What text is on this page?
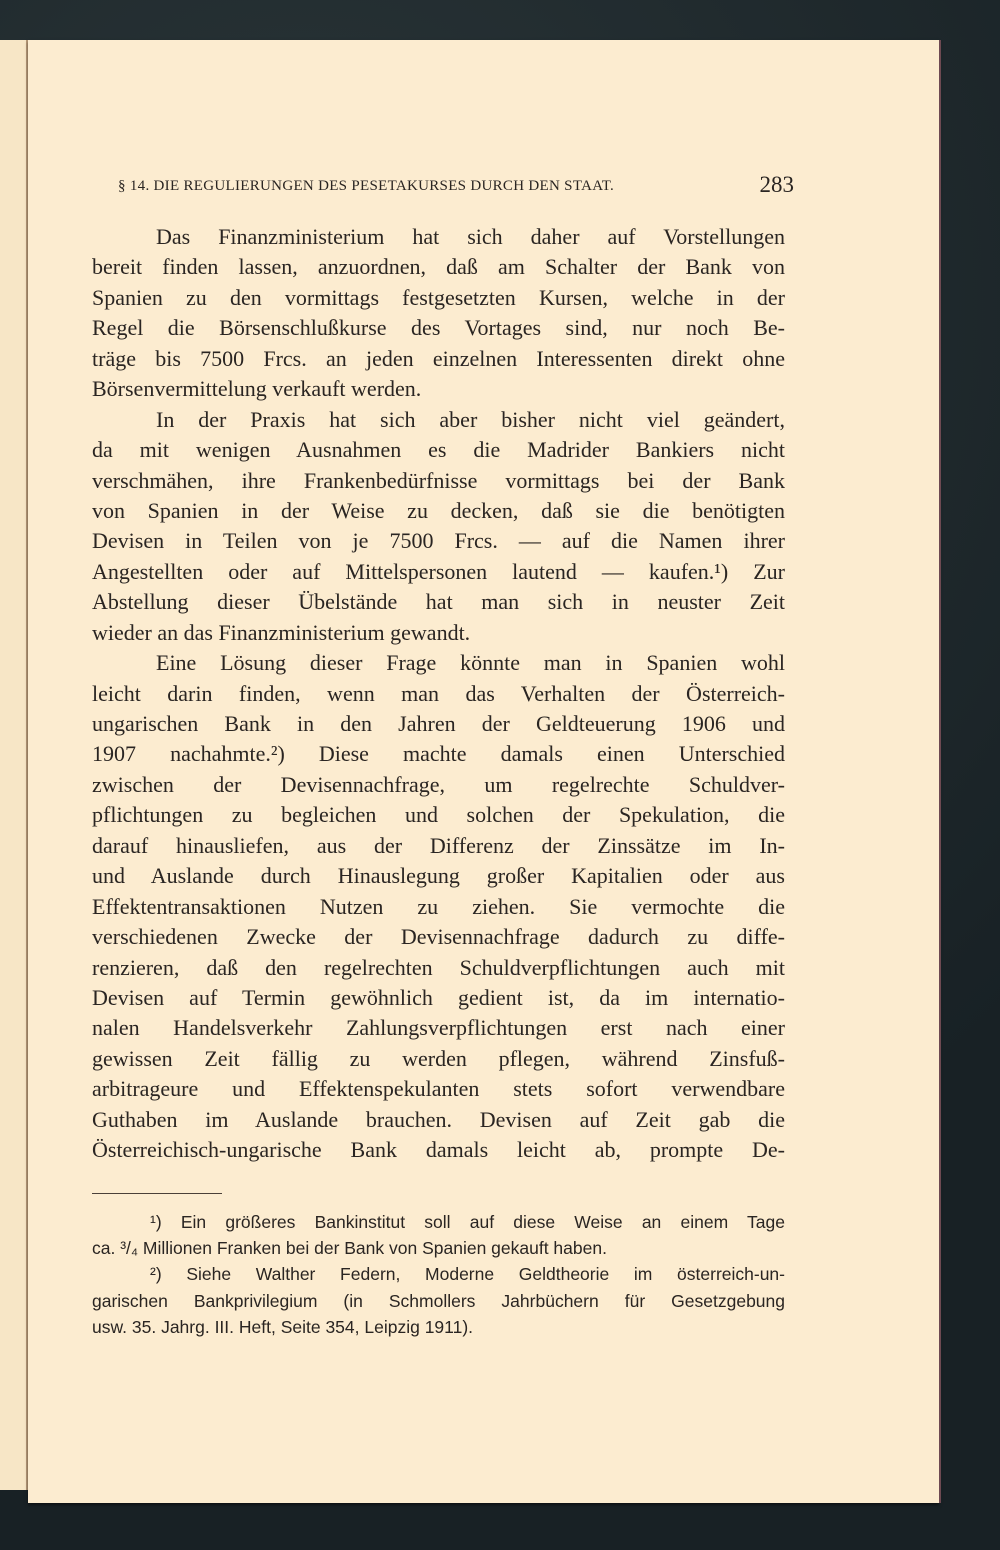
§ 14. DIE REGULIERUNGEN DES PESETAKURSES DURCH DEN STAAT.	283
Das Finanzministerium hat sich daher auf Vorstellungen
bereit finden lassen, anzuordnen, daß am Schalter der Bank von
Spanien zu den vormittags festgesetzten Kursen, welche in der
Regel die Börsenschlußkurse des Vortages sind, nur noch Be-
träge bis 7500 Frcs. an jeden einzelnen Interessenten direkt ohne
Börsenvermittelung verkauft werden.
In der Praxis hat sich aber bisher nicht viel geändert,
da mit wenigen Ausnahmen es die Madrider Bankiers nicht
verschmähen, ihre Frankenbedürfnisse vormittags bei der Bank
von Spanien in der Weise zu decken, daß sie die benötigten
Devisen in Teilen von je 7500 Frcs. — auf die Namen ihrer
Angestellten oder auf Mittelspersonen lautend — kaufen.¹) Zur
Abstellung dieser Übelstände hat man sich in neuster Zeit
wieder an das Finanzministerium gewandt.
Eine Lösung dieser Frage könnte man in Spanien wohl
leicht darin finden, wenn man das Verhalten der Österreich-
ungarischen Bank in den Jahren der Geldteuerung 1906 und
1907 nachahmte.²) Diese machte damals einen Unterschied
zwischen der Devisennachfrage, um regelrechte Schuldver-
pflichtungen zu begleichen und solchen der Spekulation, die
darauf hinausliefen, aus der Differenz der Zinssätze im In-
und Auslande durch Hinauslegung großer Kapitalien oder aus
Effektentransaktionen Nutzen zu ziehen. Sie vermochte die
verschiedenen Zwecke der Devisennachfrage dadurch zu diffe-
renzieren, daß den regelrechten Schuldverpflichtungen auch mit
Devisen auf Termin gewöhnlich gedient ist, da im internatio-
nalen Handelsverkehr Zahlungsverpflichtungen erst nach einer
gewissen Zeit fällig zu werden pflegen, während Zinsfuß-
arbitrageure und Effektenspekulanten stets sofort verwendbare
Guthaben im Auslande brauchen. Devisen auf Zeit gab die
Österreichisch-ungarische Bank damals leicht ab, prompte De-
¹) Ein größeres Bankinstitut soll auf diese Weise an einem Tage
ca. ³/₄ Millionen Franken bei der Bank von Spanien gekauft haben.
²) Siehe Walther Federn, Moderne Geldtheorie im österreich-un-
garischen Bankprivilegium (in Schmollers Jahrbüchern für Gesetzgebung
usw. 35. Jahrg. III. Heft, Seite 354, Leipzig 1911).
